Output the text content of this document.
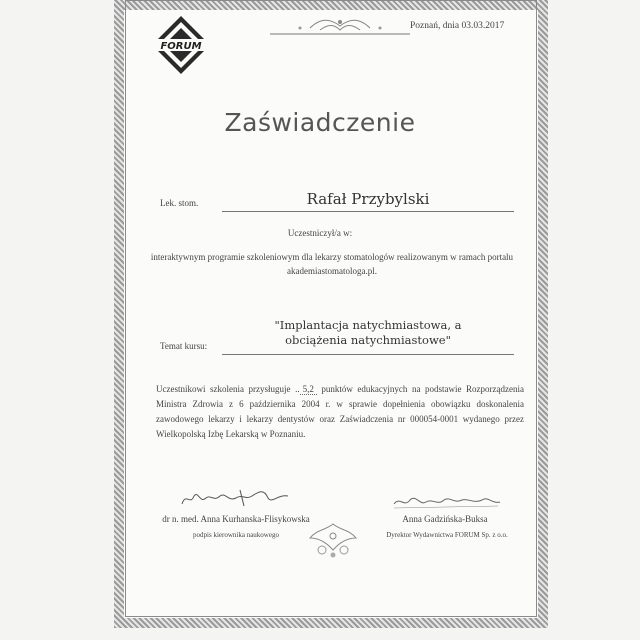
FORUM
Poznań, dnia 03.03.2017
Zaświadczenie
Lek. stom.	Rafał Przybylski
Uczestniczył/a w:
interaktywnym programie szkoleniowym dla lekarzy stomatologów realizowanym w ramach portalu akademiastomatologa.pl.
Temat kursu:
"Implantacja natychmiastowa, a
obciążenia natychmiastowe"
Uczestnikowi szkolenia przysługuje .. 5,2 punktów edukacyjnych na podstawie Rozporządzenia Ministra Zdrowia z 6 października 2004 r. w sprawie dopełnienia obowiązku doskonalenia zawodowego lekarzy i lekarzy dentystów oraz Zaświadczenia nr 000054-0001 wydanego przez Wielkopolską Izbę Lekarską w Poznaniu.
dr n. med. Anna Kurhanska-Flisykowska
podpis kierownika naukowego
Anna Gadzińska-Buksa
Dyrektor Wydawnictwa FORUM Sp. z o.o.
